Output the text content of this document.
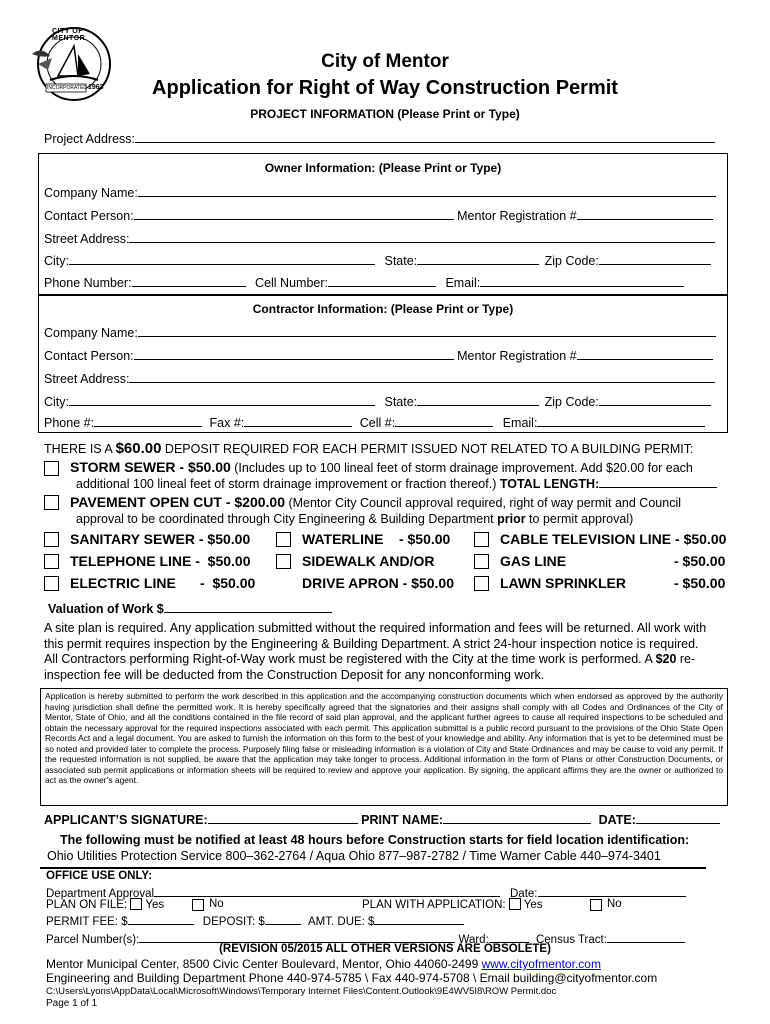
CITY OF MENTOR
INCORPORATED 1963
City of Mentor
Application for Right of Way Construction Permit
PROJECT INFORMATION (Please Print or Type)
Project Address:
Owner Information: (Please Print or Type)
Company Name:
Contact Person:	Mentor Registration #
Street Address:
City:	State:	Zip Code:
Phone Number:	Cell Number:	Email:
Contractor Information: (Please Print or Type)
Company Name:
Contact Person:	Mentor Registration #
Street Address:
City:	State:	Zip Code:
Phone #:	Fax #:	Cell #:	Email:
THERE IS A $60.00 DEPOSIT REQUIRED FOR EACH PERMIT ISSUED NOT RELATED TO A BUILDING PERMIT:
STORM SEWER - $50.00 (Includes up to 100 lineal feet of storm drainage improvement. Add $20.00 for each
additional 100 lineal feet of storm drainage improvement or fraction thereof.) TOTAL LENGTH:
PAVEMENT OPEN CUT - $200.00 (Mentor City Council approval required, right of way permit and Council
approval to be coordinated through City Engineering & Building Department prior to permit approval)
SANITARY SEWER - $50.00	WATERLINE    - $50.00	CABLE TELEVISION LINE - $50.00
TELEPHONE LINE -  $50.00	SIDEWALK AND/OR	GAS LINE	- $50.00
ELECTRIC LINE -  $50.00	DRIVE APRON - $50.00	LAWN SPRINKLER	- $50.00
Valuation of Work $
A site plan is required. Any application submitted without the required information and fees will be returned. All work with
this permit requires inspection by the Engineering & Building Department. A strict 24-hour inspection notice is required.
All Contractors performing Right-of-Way work must be registered with the City at the time work is performed. A $20 re-
inspection fee will be deducted from the Construction Deposit for any nonconforming work.
Application is hereby submitted to perform the work described in this application and the accompanying construction documents which when endorsed as approved by the authority having jurisdiction shall define the permitted work. It is hereby specifically agreed that the signatories and their assigns shall comply with all Codes and Ordinances of the City of Mentor, State of Ohio, and all the conditions contained in the file record of said plan approval, and the applicant further agrees to cause all required inspections to be scheduled and obtain the necessary approval for the required inspections associated with each permit. This application submittal is a public record pursuant to the provisions of the Ohio State Open Records Act and a legal document. You are asked to furnish the information on this form to the best of your knowledge and ability. Any information that is yet to be determined must be so noted and provided later to complete the process. Purposely filing false or misleading information is a violation of City and State Ordinances and may be cause to void any permit. If the requested information is not supplied, be aware that the application may take longer to process. Additional information in the form of Plans or other Construction Documents, or associated sub permit applications or information sheets will be required to review and approve your application. By signing, the applicant affirms they are the owner or authorized to act as the owner’s agent.
APPLICANT’S SIGNATURE:	PRINT NAME:	DATE:
The following must be notified at least 48 hours before Construction starts for field location identification:
Ohio Utilities Protection Service 800–362-2764 / Aqua Ohio 877–987-2782 / Time Warner Cable 440–974-3401
OFFICE USE ONLY:
Department Approval	Date:
PLAN ON FILE: Yes	No	PLAN WITH APPLICATION: Yes	No
PERMIT FEE: $	DEPOSIT: $	AMT. DUE: $
Parcel Number(s):	Ward:	Census Tract:
(REVISION 05/2015 ALL OTHER VERSIONS ARE OBSOLETE)
Mentor Municipal Center, 8500 Civic Center Boulevard, Mentor, Ohio 44060-2499 www.cityofmentor.com
Engineering and Building Department Phone 440-974-5785 \ Fax 440-974-5708 \ Email building@cityofmentor.com
C:\Users\Lyons\AppData\Local\Microsoft\Windows\Temporary Internet Files\Content.Outlook\9E4WV5I8\ROW Permit.doc
Page 1 of 1
